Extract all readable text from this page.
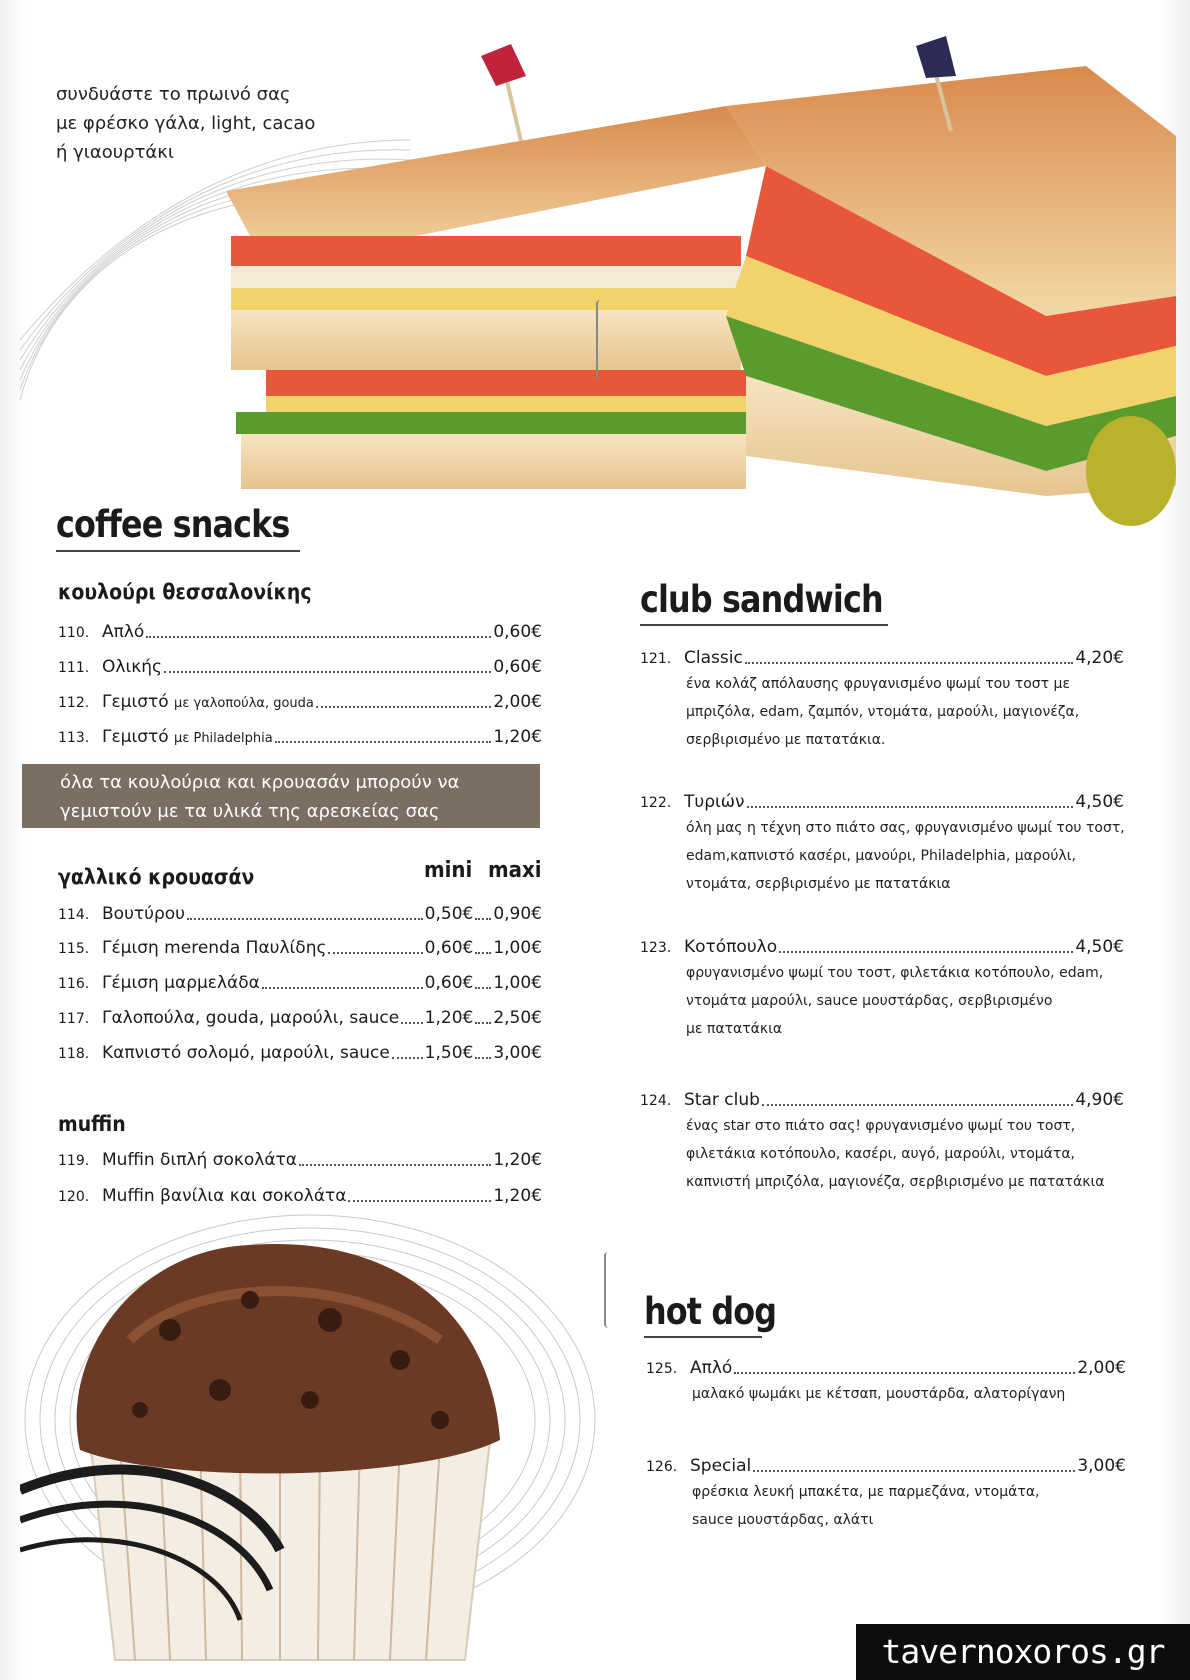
συνδυάστε το πρωινό σας
με φρέσκο γάλα, light, cacao
ή γιαουρτάκι
coffee snacks
κουλούρι θεσσαλονίκης
110. Απλό	0,60€
111. Ολικής	0,60€
112. Γεμιστό με γαλοπούλα, gouda	2,00€
113. Γεμιστό με Philadelphia	1,20€
όλα τα κουλούρια και κρουασάν μπορούν να
γεμιστούν με τα υλικά της αρεσκείας σας
γαλλικό κρουασάν	mini maxi
114. Βουτύρου	0,50€ 0,90€
115. Γέμιση merenda Παυλίδης	0,60€ 1,00€
116. Γέμιση μαρμελάδα	0,60€ 1,00€
117. Γαλοπούλα, gouda, μαρούλι, sauce 1,20€ 2,50€
118. Καπνιστό σολομό, μαρούλι, sauce 1,50€ 3,00€
muffin
119. Muffin διπλή σοκολάτα	1,20€
120. Muffin βανίλια και σοκολάτα	1,20€
club sandwich
121. Classic	4,20€
ένα κολάζ απόλαυσης φρυγανισμένο ψωμί του τοστ με
μπριζόλα, edam, ζαμπόν, ντομάτα, μαρούλι, μαγιονέζα,
σερβιρισμένο με πατατάκια.
122. Τυριών	4,50€
όλη μας η τέχνη στο πιάτο σας, φρυγανισμένο ψωμί του τοστ,
edam,καπνιστό κασέρι, μανούρι, Philadelphia, μαρούλι,
ντομάτα, σερβιρισμένο με πατατάκια
123. Κοτόπουλο	4,50€
φρυγανισμένο ψωμί του τοστ, φιλετάκια κοτόπουλο, edam,
ντομάτα μαρούλι, sauce μουστάρδας, σερβιρισμένο
με πατατάκια
124. Star club	4,90€
ένας star στο πιάτο σας! φρυγανισμένο ψωμί του τοστ,
φιλετάκια κοτόπουλο, κασέρι, αυγό, μαρούλι, ντομάτα,
καπνιστή μπριζόλα, μαγιονέζα, σερβιρισμένο με πατατάκια
hot dog
125. Απλό	2,00€
μαλακό ψωμάκι με κέτσαπ, μουστάρδα, αλατορίγανη
126. Special	3,00€
φρέσκια λευκή μπακέτα, με παρμεζάνα, ντομάτα,
sauce μουστάρδας, αλάτι
tavernoxoros.gr
